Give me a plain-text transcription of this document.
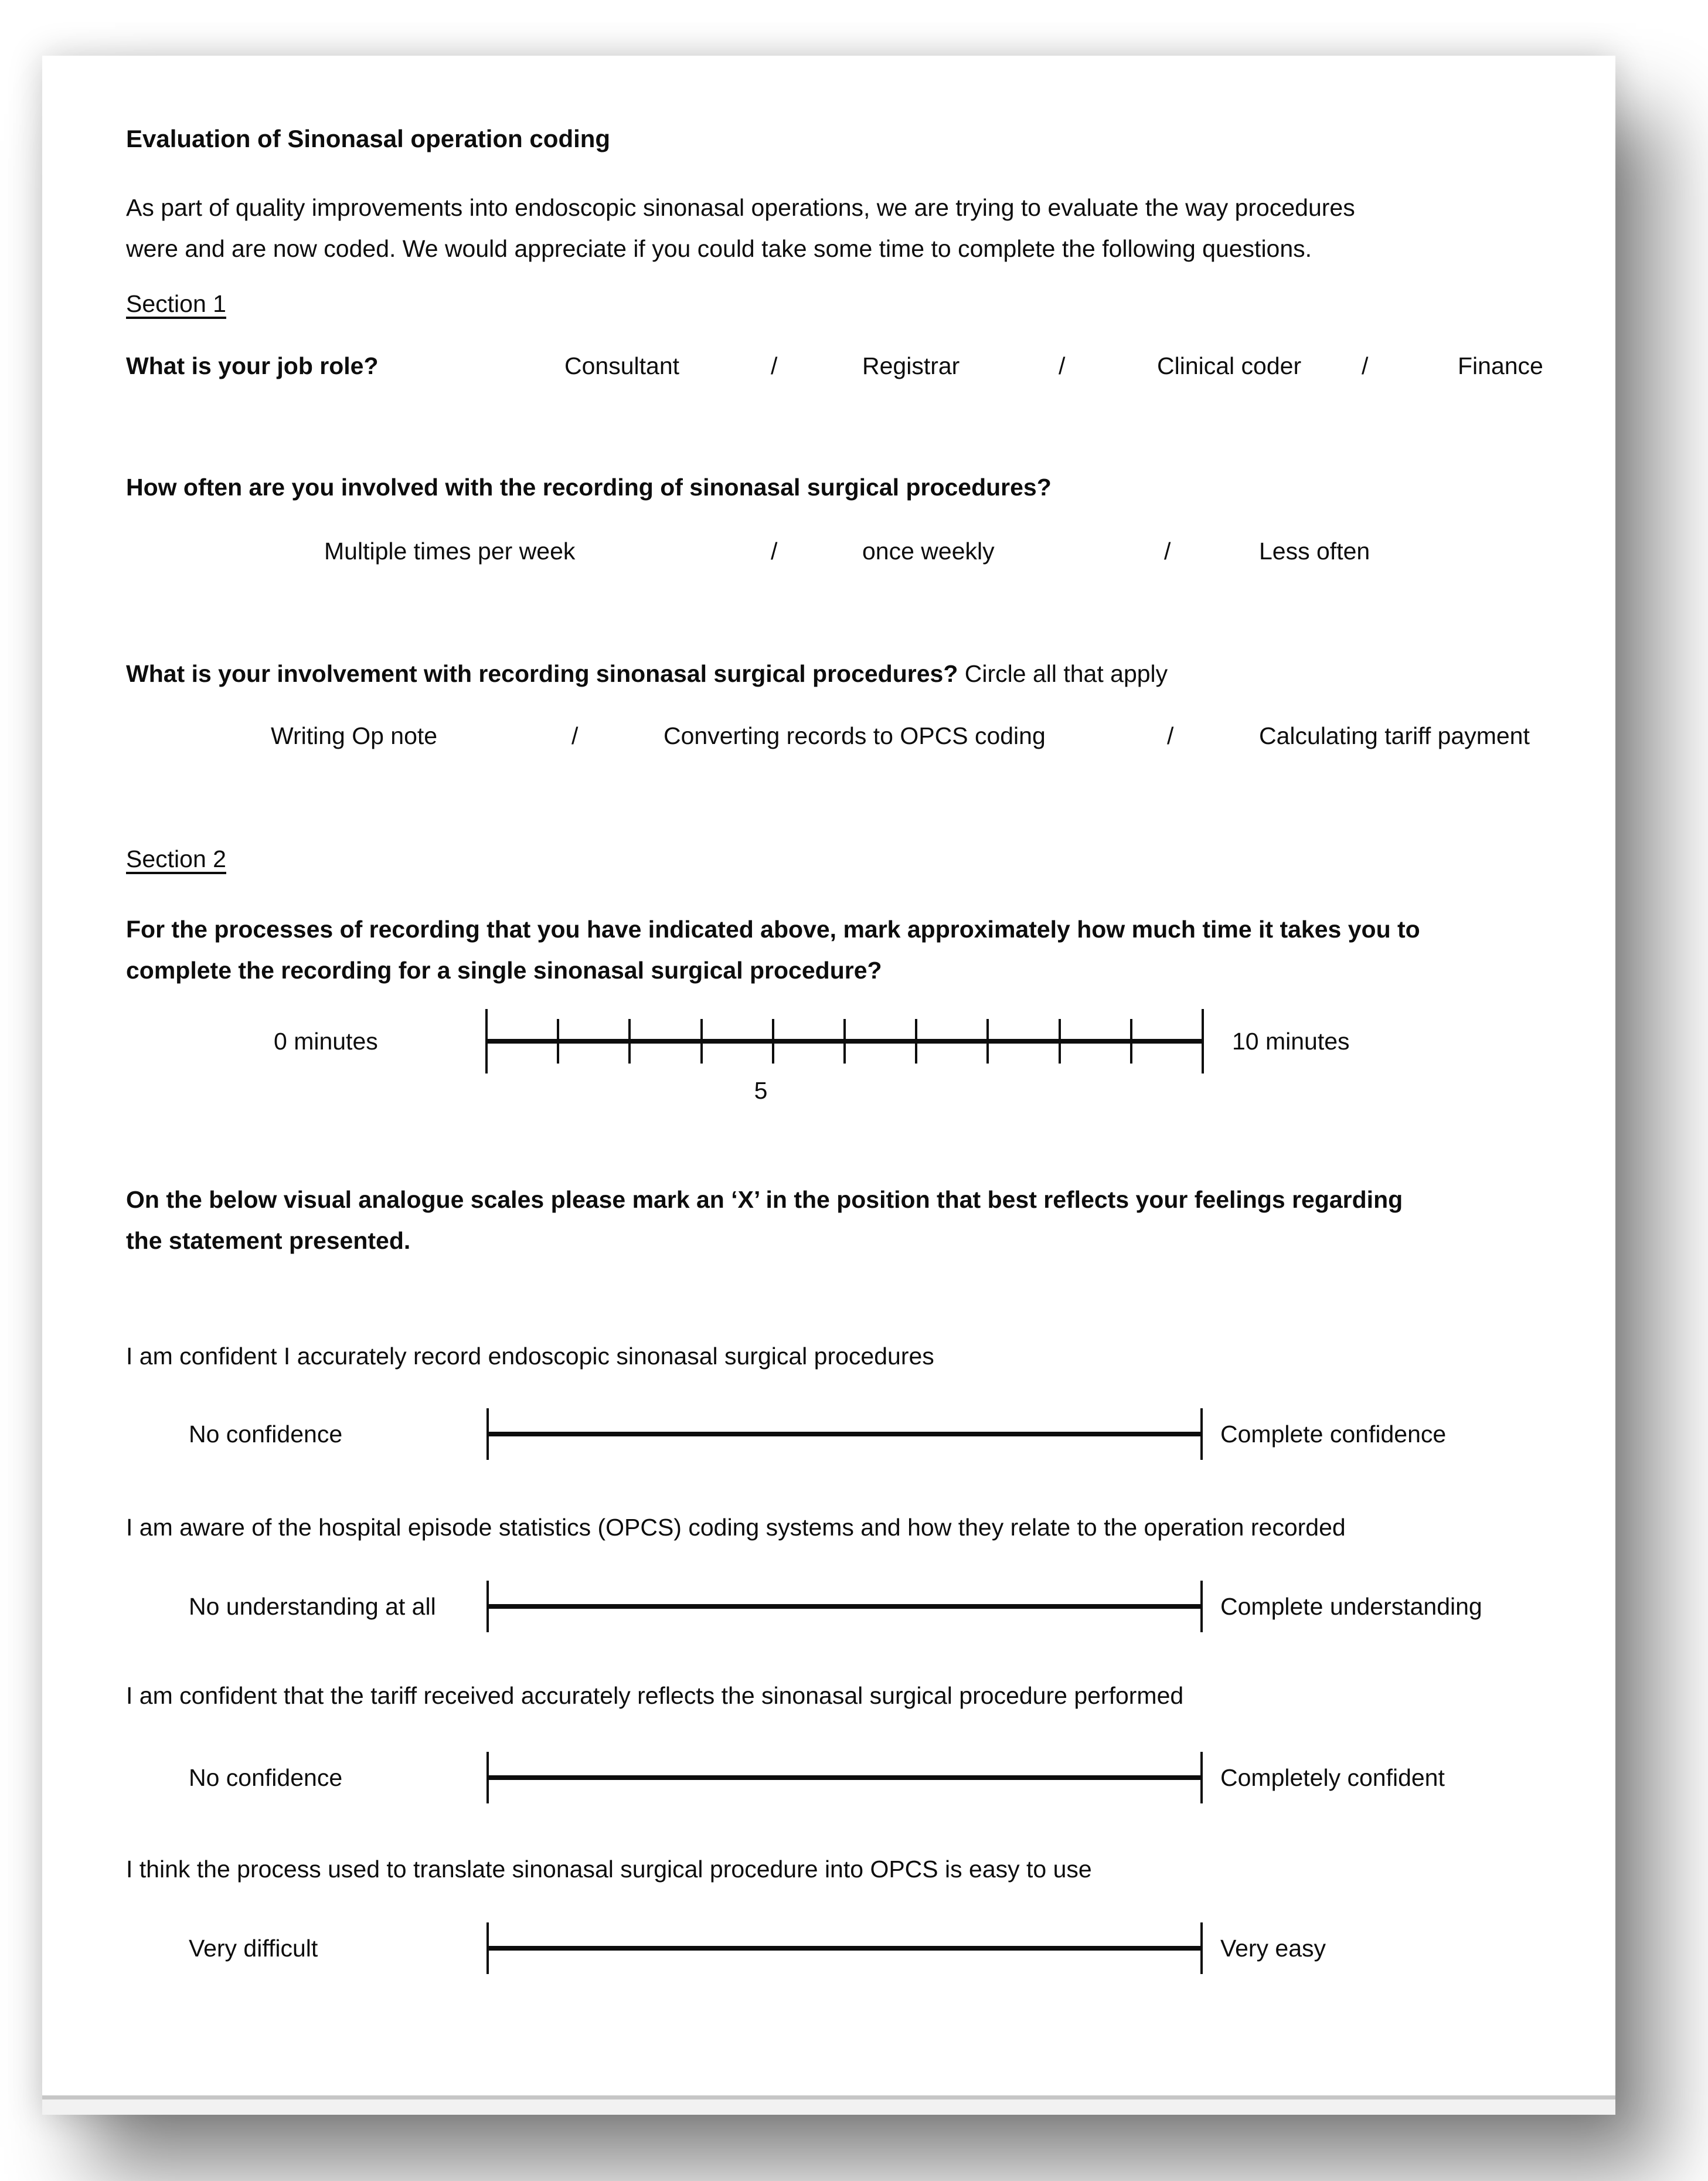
Evaluation of Sinonasal operation coding
As part of quality improvements into endoscopic sinonasal operations, we are trying to evaluate the way procedures
were and are now coded. We would appreciate if you could take some time to complete the following questions.
Section 1
What is your job role?	Consultant	/	Registrar	/	Clinical coder	/	Finance
How often are you involved with the recording of sinonasal surgical procedures?
Multiple times per week	/	once weekly	/	Less often
What is your involvement with recording sinonasal surgical procedures? Circle all that apply
Writing Op note	/	Converting records to OPCS coding	/	Calculating tariff payment
Section 2
For the processes of recording that you have indicated above, mark approximately how much time it takes you to
complete the recording for a single sinonasal surgical procedure?
0 minutes	10 minutes
5
On the below visual analogue scales please mark an ‘X’ in the position that best reflects your feelings regarding
the statement presented.
I am confident I accurately record endoscopic sinonasal surgical procedures
No confidence	Complete confidence
I am aware of the hospital episode statistics (OPCS) coding systems and how they relate to the operation recorded
No understanding at all	Complete understanding
I am confident that the tariff received accurately reflects the sinonasal surgical procedure performed
No confidence	Completely confident
I think the process used to translate sinonasal surgical procedure into OPCS is easy to use
Very difficult	Very easy
